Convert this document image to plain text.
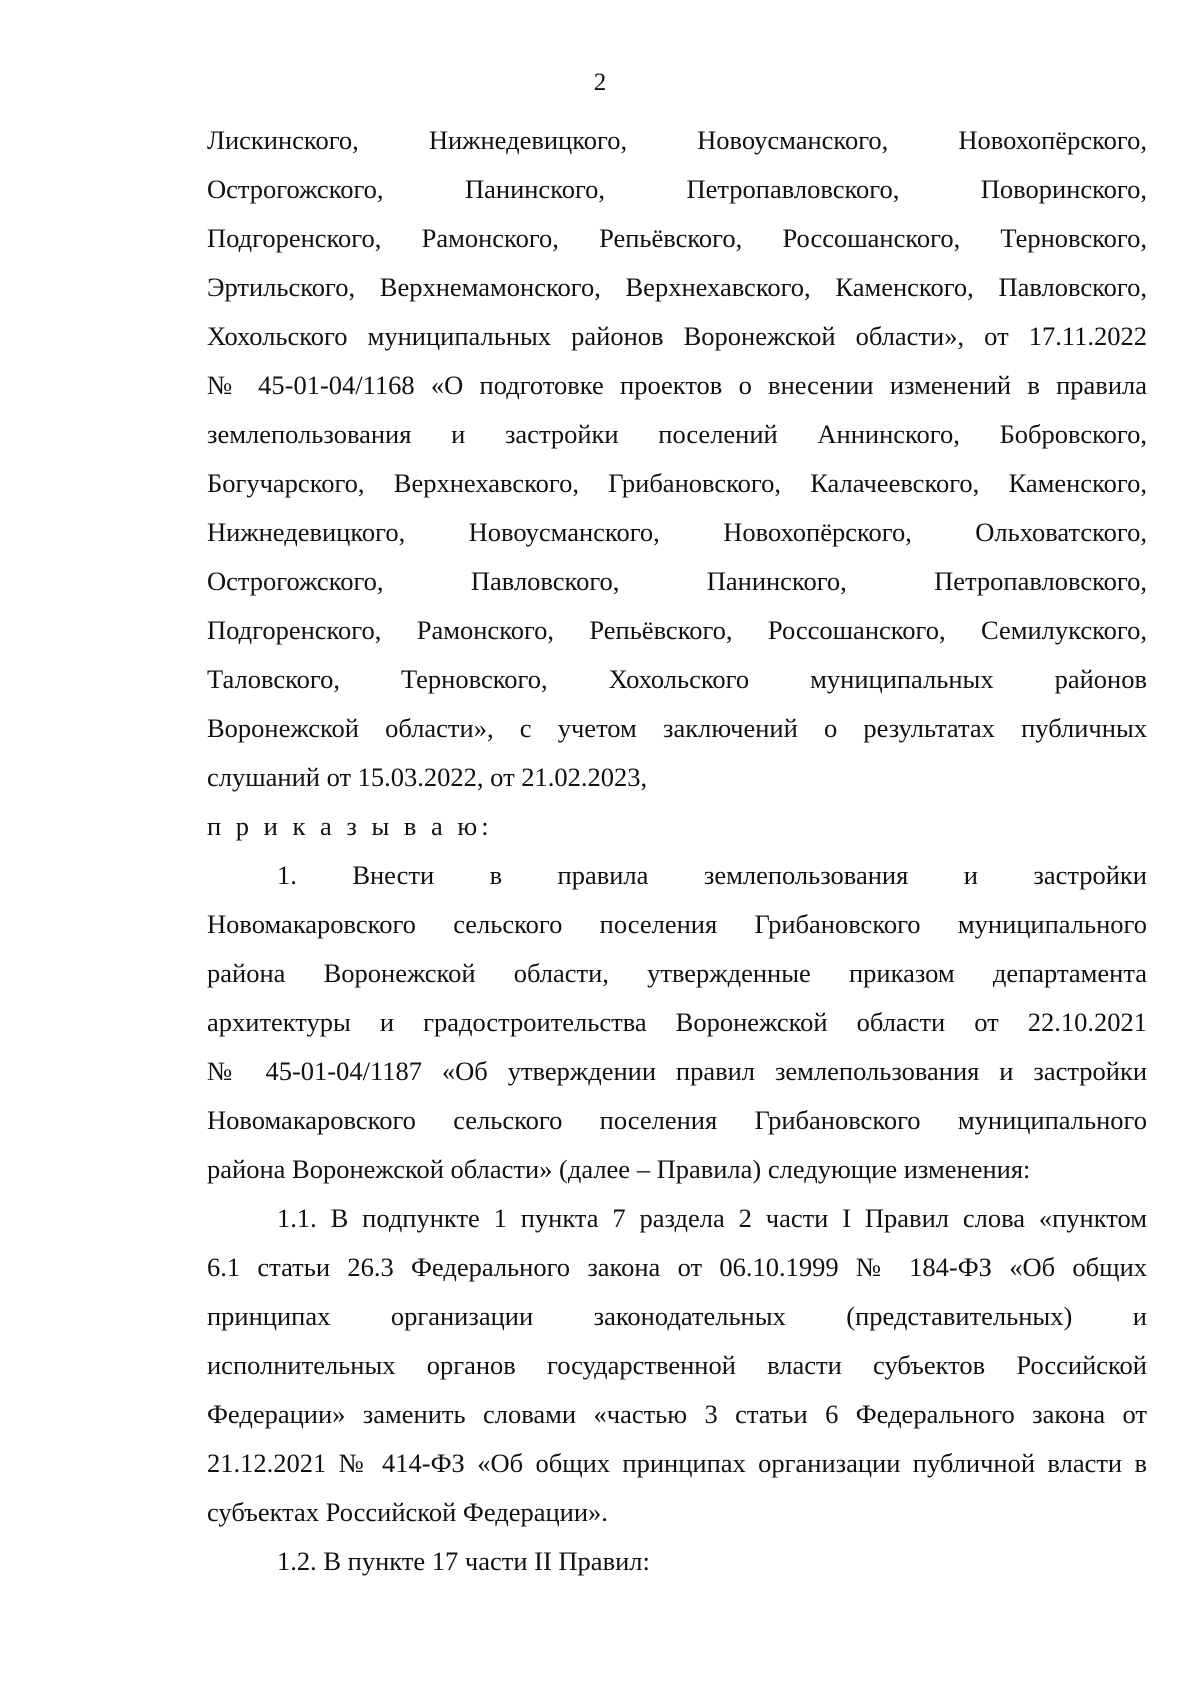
2
Лискинского, Нижнедевицкого, Новоусманского, Новохопёрского,
Острогожского, Панинского, Петропавловского, Поворинского,
Подгоренского, Рамонского, Репьёвского, Россошанского, Терновского,
Эртильского, Верхнемамонского, Верхнехавского, Каменского, Павловского,
Хохольского муниципальных районов Воронежской области», от 17.11.2022
№ 45-01-04/1168 «О подготовке проектов о внесении изменений в правила
землепользования и застройки поселений Аннинского, Бобровского,
Богучарского, Верхнехавского, Грибановского, Калачеевского, Каменского,
Нижнедевицкого, Новоусманского, Новохопёрского, Ольховатского,
Острогожского, Павловского, Панинского, Петропавловского,
Подгоренского, Рамонского, Репьёвского, Россошанского, Семилукского,
Таловского, Терновского, Хохольского муниципальных районов
Воронежской области», с учетом заключений о результатах публичных
слушаний от 15.03.2022, от 21.02.2023,
п р и к а з ы в а ю:
1. Внести в правила землепользования и застройки
Новомакаровского сельского поселения Грибановского муниципального
района Воронежской области, утвержденные приказом департамента
архитектуры и градостроительства Воронежской области от 22.10.2021
№ 45-01-04/1187 «Об утверждении правил землепользования и застройки
Новомакаровского сельского поселения Грибановского муниципального
района Воронежской области» (далее – Правила) следующие изменения:
1.1. В подпункте 1 пункта 7 раздела 2 части I Правил слова «пунктом
6.1 статьи 26.3 Федерального закона от 06.10.1999 № 184-ФЗ «Об общих
принципах организации законодательных (представительных) и
исполнительных органов государственной власти субъектов Российской
Федерации» заменить словами «частью 3 статьи 6 Федерального закона от
21.12.2021 № 414-ФЗ «Об общих принципах организации публичной власти в
субъектах Российской Федерации».
1.2. В пункте 17 части II Правил:
